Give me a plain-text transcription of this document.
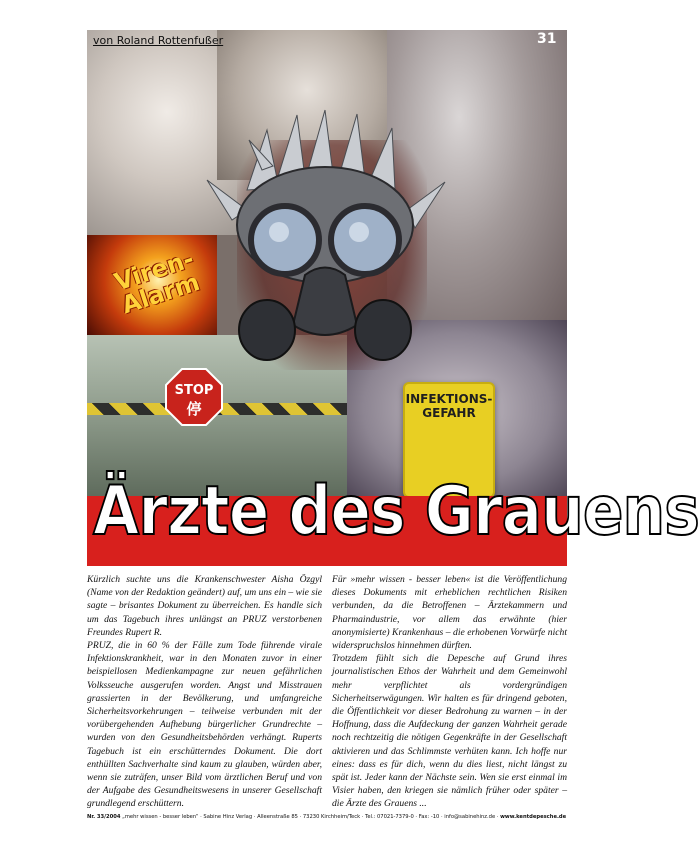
Viren-
Alarm
STOP
停
INFEKTIONS-
GEFAHR
von Roland Rottenfußer	31
Ärzte des Grauens

Kürzlich suchte uns die Krankenschwester Aisha Özgyl (Name von der Redaktion geändert) auf, um uns ein – wie sie sagte – brisantes Dokument zu überreichen. Es handle sich um das Tagebuch ihres unlängst an PRUZ verstorbenen Freundes Rupert R.

PRUZ, die in 60 % der Fälle zum Tode führende virale Infektionskrankheit, war in den Monaten zuvor in einer beispiellosen Medienkampagne zur neuen gefährlichen Volksseuche ausgerufen worden. Angst und Misstrauen grassierten in der Bevölkerung, und umfangreiche Sicherheitsvorkehrungen – teilweise verbunden mit der vorübergehenden Aufhebung bürgerlicher Grundrechte – wurden von den Gesundheitsbehörden verhängt. Ruperts Tagebuch ist ein erschütterndes Dokument. Die dort enthüllten Sachverhalte sind kaum zu glauben, würden aber, wenn sie zuträfen, unser Bild vom ärztlichen Beruf und von der Aufgabe des Gesundheitswesens in unserer Gesellschaft grundlegend erschüttern.

Für »mehr wissen - besser leben« ist die Veröffentlichung dieses Dokuments mit erheblichen rechtlichen Risiken verbunden, da die Betroffenen – Ärztekammern und Pharmaindustrie, vor allem das erwähnte (hier anonymisierte) Krankenhaus – die erhobenen Vorwürfe nicht widerspruchslos hinnehmen dürften.

Trotzdem fühlt sich die Depesche auf Grund ihres journalistischen Ethos der Wahrheit und dem Gemeinwohl mehr verpflichtet als vordergründigen Sicherheitserwägungen. Wir halten es für dringend geboten, die Öffentlichkeit vor dieser Bedrohung zu warnen – in der Hoffnung, dass die Aufdeckung der ganzen Wahrheit gerade noch rechtzeitig die nötigen Gegenkräfte in der Gesellschaft aktivieren und das Schlimmste verhüten kann. Ich hoffe nur eines: dass es für dich, wenn du dies liest, nicht längst zu spät ist. Jeder kann der Nächste sein. Wen sie erst einmal im Visier haben, den kriegen sie nämlich früher oder später – die Ärzte des Grauens ...

Nr. 33/2004 „mehr wissen - besser leben“ · Sabine Hinz Verlag · Alleenstraße 85 · 73230 Kirchheim/Teck · Tel.: 07021-7379-0 · Fax: -10 · info@sabinehinz.de · www.kentdepesche.de
